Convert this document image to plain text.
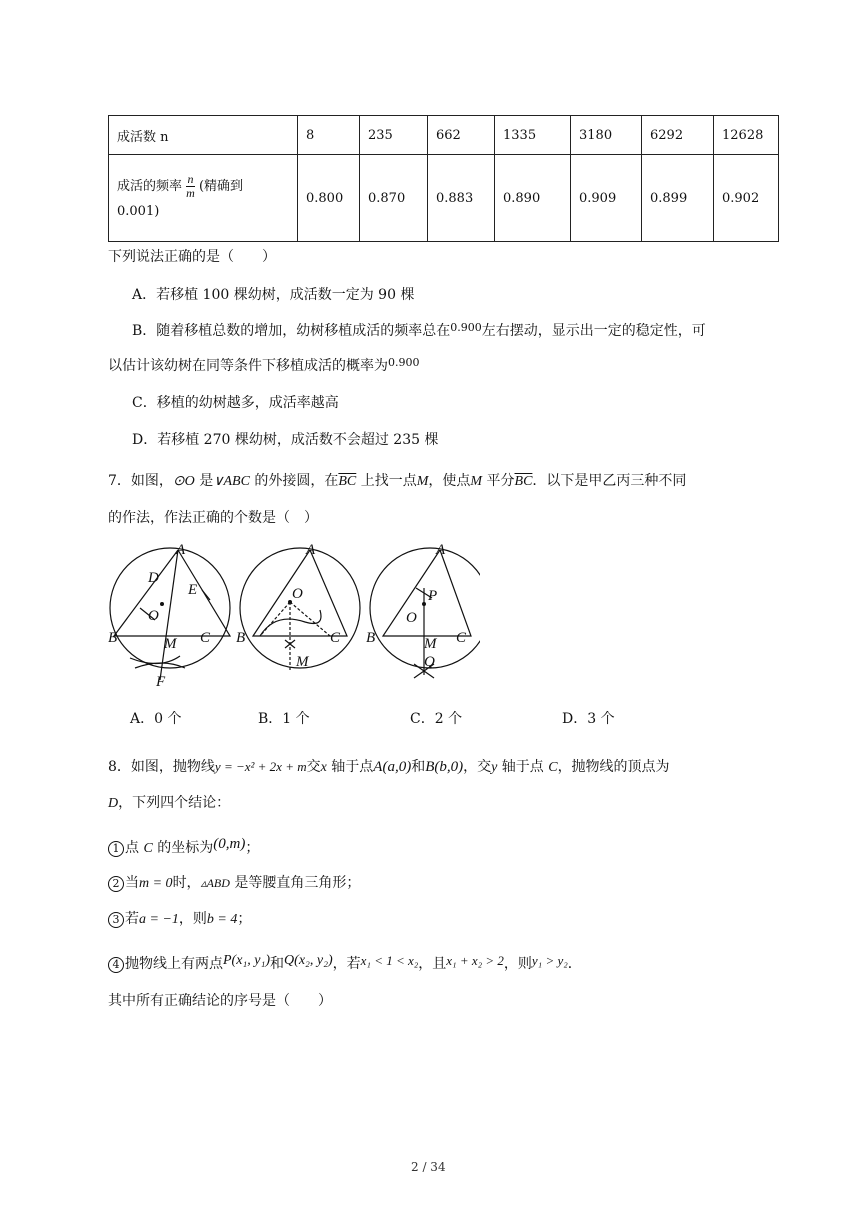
成活数 n	8	235	662	1335	3180	6292	12628

成活的频率 $\frac{n}{m}$ (精确到
0.001)	0.800	0.870	0.883	0.890	0.909	0.899	0.902
下列说法正确的是（　　）
A．若移植 100 棵幼树，成活数一定为 90 棵
B．随着移植总数的增加，幼树移植成活的频率总在$^{0.900}$左右摆动，显示出一定的稳定性，可
以估计该幼树在同等条件下移植成活的概率为$^{0.900}$
C．移植的幼树越多，成活率越高
D．若移植 270 棵幼树，成活数不会超过 235 棵
7．如图，⊙O 是∨ABC 的外接圆，在$\overline{BC}$ 上找一点M，使点M 平分$\overline{BC}$．以下是甲乙丙三种不同
的作法，作法正确的个数是（　）
A
D
E
O
B	M C
F
A
O
B	C
M
A
P
O
B	M C
Q
A．0 个	B．1 个	C．2 个	D．3 个
8．如图，抛物线y = −x² + 2x + m交x 轴于点A(a,0)和B(b,0)，交y 轴于点 C，抛物线的顶点为
D，下列四个结论：
1 点 C 的坐标为(0,m)；
2 当m = 0时，▵ABD 是等腰直角三角形；
3 若a = −1，则b = 4；
4 抛物线上有两点P(x₁, y₁)和Q(x₂, y₂)，若x₁ < 1 < x₂，且x₁ + x₂ > 2，则y₁ > y₂．
其中所有正确结论的序号是（　　）
2 / 34
